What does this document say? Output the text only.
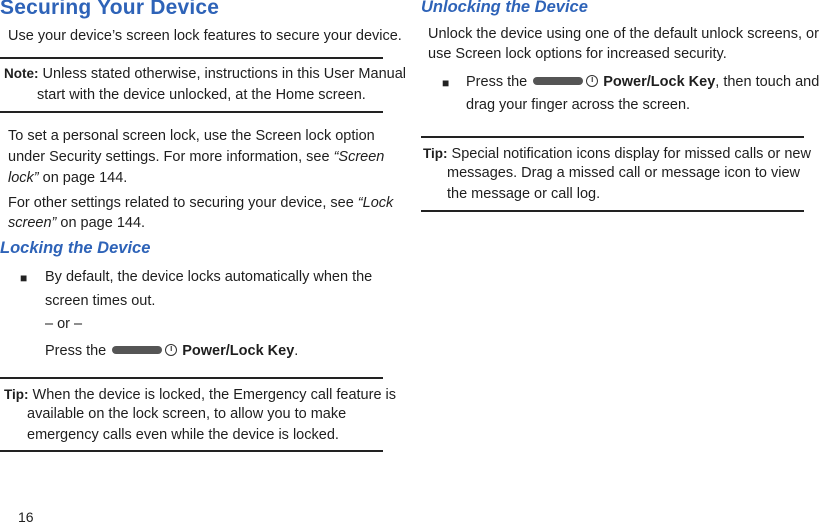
Securing Your Device
Use your device’s screen lock features to secure your device.
Note: Unless stated otherwise, instructions in this User Manual
start with the device unlocked, at the Home screen.
To set a personal screen lock, use the Screen lock option
under Security settings. For more information, see “Screen
lock” on page 144.
For other settings related to securing your device, see “Lock
screen” on page 144.
Locking the Device
■ By default, the device locks automatically when the
screen times out.
– or –
Press the	I Power/Lock Key.
Tip: When the device is locked, the Emergency call feature is
available on the lock screen, to allow you to make
emergency calls even while the device is locked.
16
Unlocking the Device
Unlock the device using one of the default unlock screens, or
use Screen lock options for increased security.
■ Press the	I Power/Lock Key, then touch and
drag your finger across the screen.
Tip: Special notification icons display for missed calls or new
messages. Drag a missed call or message icon to view
the message or call log.
